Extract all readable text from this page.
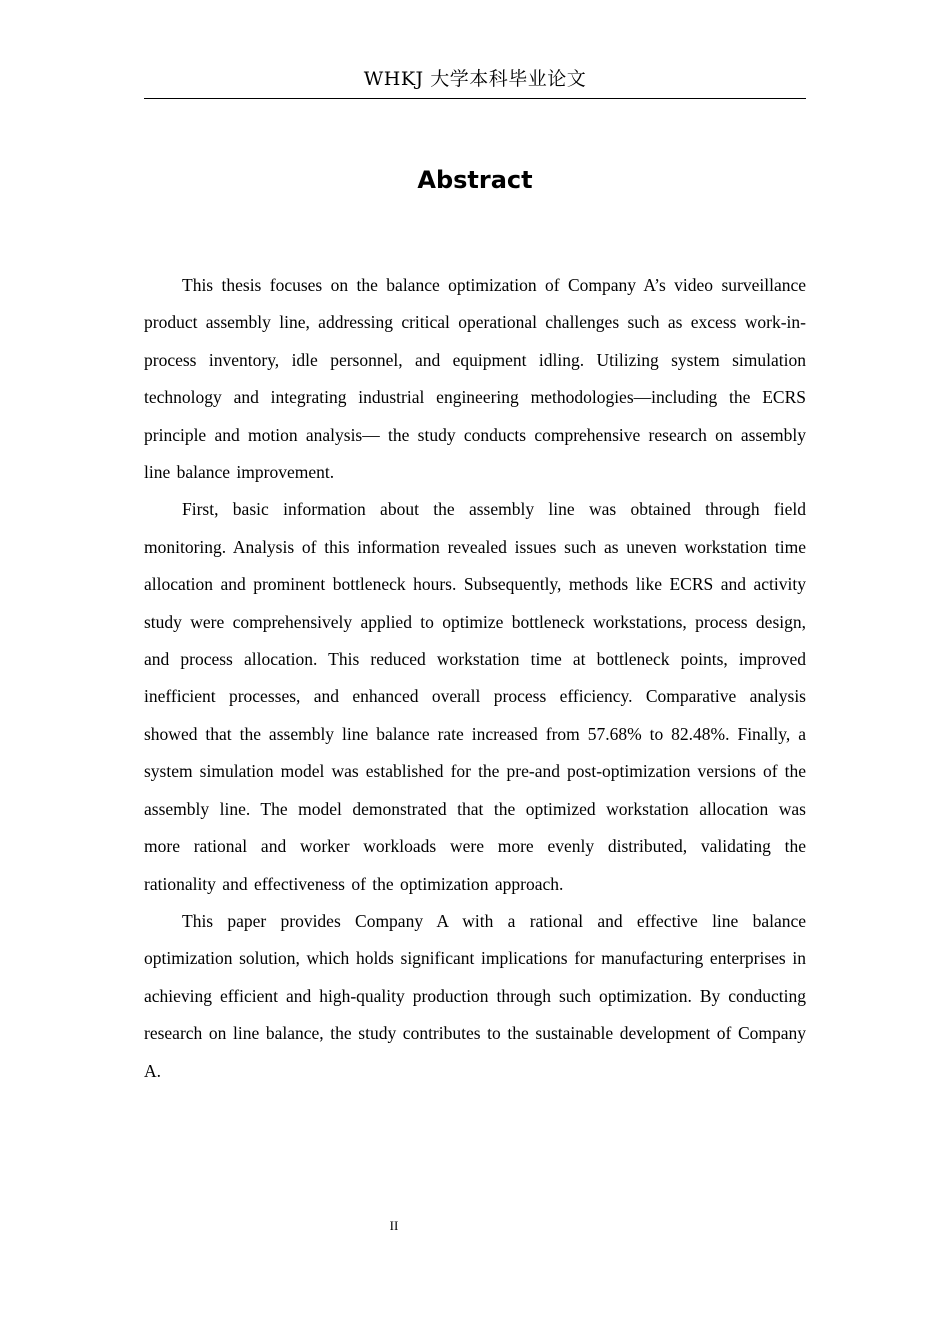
WHKJ 大学本科毕业论文
Abstract

This thesis focuses on the balance optimization of Company A’s video surveillance product assembly line, addressing critical operational challenges such as excess work-in-process inventory, idle personnel, and equipment idling. Utilizing system simulation technology and integrating industrial engineering methodologies—including the ECRS principle and motion analysis— the study conducts comprehensive research on assembly line balance improvement.

First, basic information about the assembly line was obtained through field monitoring. Analysis of this information revealed issues such as uneven workstation time allocation and prominent bottleneck hours. Subsequently, methods like ECRS and activity study were comprehensively applied to optimize bottleneck workstations, process design, and process allocation. This reduced workstation time at bottleneck points, improved inefficient processes, and enhanced overall process efficiency. Comparative analysis showed that the assembly line balance rate increased from 57.68% to 82.48%. Finally, a system simulation model was established for the pre-and post-optimization versions of the assembly line. The model demonstrated that the optimized workstation allocation was more rational and worker workloads were more evenly distributed, validating the rationality and effectiveness of the optimization approach.

This paper provides Company A with a rational and effective line balance optimization solution, which holds significant implications for manufacturing enterprises in achieving efficient and high-quality production through such optimization. By conducting research on line balance, the study contributes to the sustainable development of Company A.

II
